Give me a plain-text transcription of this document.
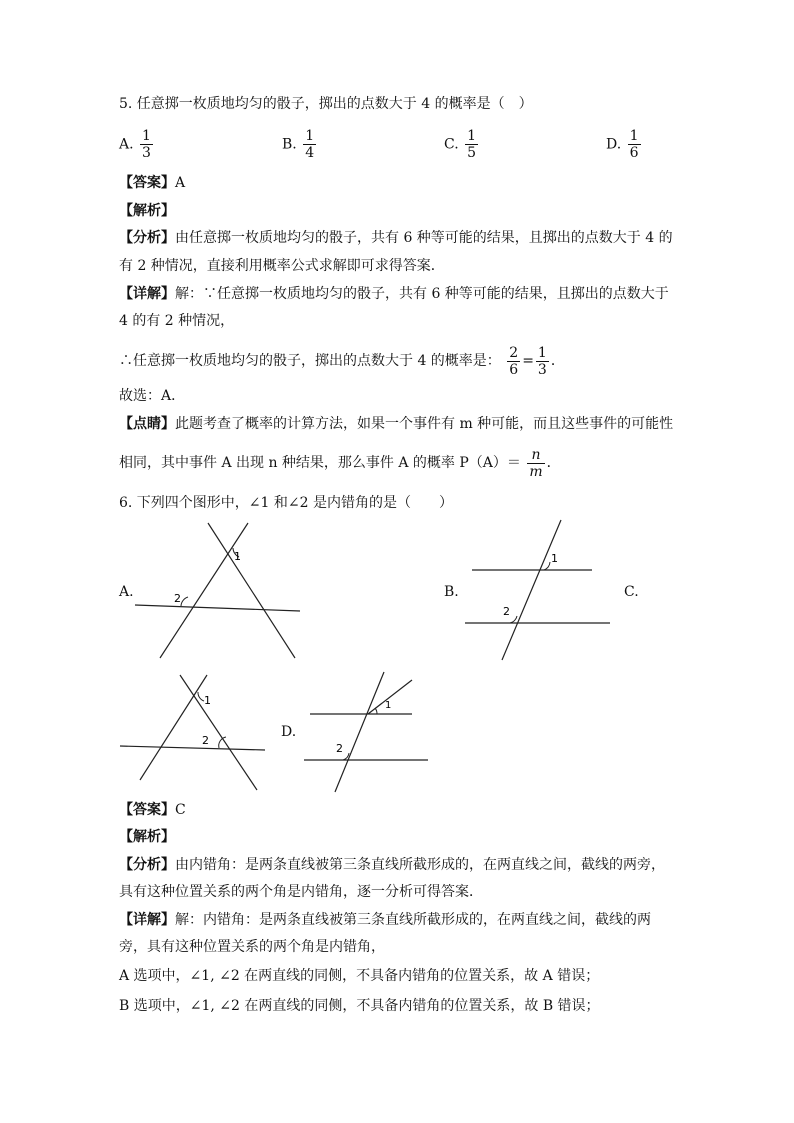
5. 任意掷一枚质地均匀的骰子，掷出的点数大于 4 的概率是（　）
A. $\frac{1}{3}$	B. $\frac{1}{4}$	C. $\frac{1}{5}$	D. $\frac{1}{6}$
【答案】A
【解析】
【分析】由任意掷一枚质地均匀的骰子，共有 6 种等可能的结果，且掷出的点数大于 4 的
有 2 种情况，直接利用概率公式求解即可求得答案．
【详解】解：∵任意掷一枚质地均匀的骰子，共有 6 种等可能的结果，且掷出的点数大于
4 的有 2 种情况，
∴任意掷一枚质地均匀的骰子，掷出的点数大于 4 的概率是： $\frac{2}{6} = \frac{1}{3}$ ．
故选：A．
【点睛】此题考查了概率的计算方法，如果一个事件有 m 种可能，而且这些事件的可能性
相同，其中事件 A 出现 n 种结果，那么事件 A 的概率 $P(A)= \frac{n}{m}$ ．
6. 下列四个图形中，∠1 和∠2 是内错角的是（　　）
A.
1
2	B.
1
2
C.
1
2
D.
1
2
【答案】C
【解析】
【分析】由内错角：是两条直线被第三条直线所截形成的，在两直线之间，截线的两旁，
具有这种位置关系的两个角是内错角，逐一分析可得答案．
【详解】解：内错角：是两条直线被第三条直线所截形成的，在两直线之间，截线的两
旁，具有这种位置关系的两个角是内错角，
A 选项中，∠1, ∠2 在两直线的同侧，不具备内错角的位置关系，故 A 错误；
B 选项中，∠1, ∠2 在两直线的同侧，不具备内错角的位置关系，故 B 错误；
